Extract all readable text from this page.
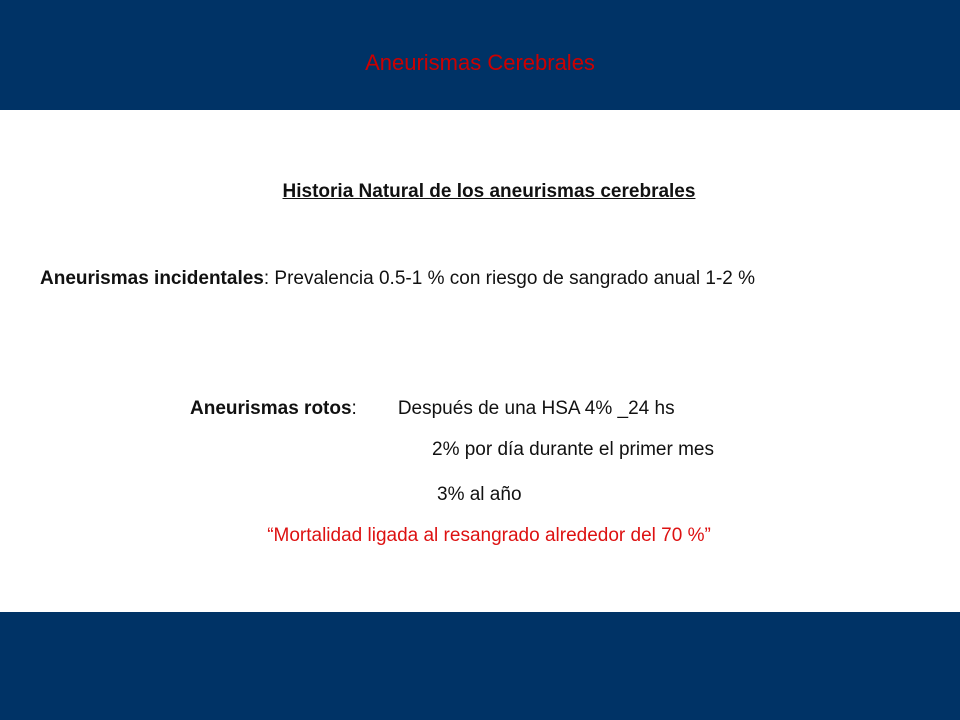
Aneurismas Cerebrales
Historia Natural de los aneurismas cerebrales
Aneurismas incidentales: Prevalencia 0.5-1 % con riesgo de sangrado anual 1-2 %
Aneurismas rotos: Después de una HSA 4% _24 hs
2% por día durante el primer mes
3% al año
“Mortalidad ligada al resangrado alrededor del 70 %”
